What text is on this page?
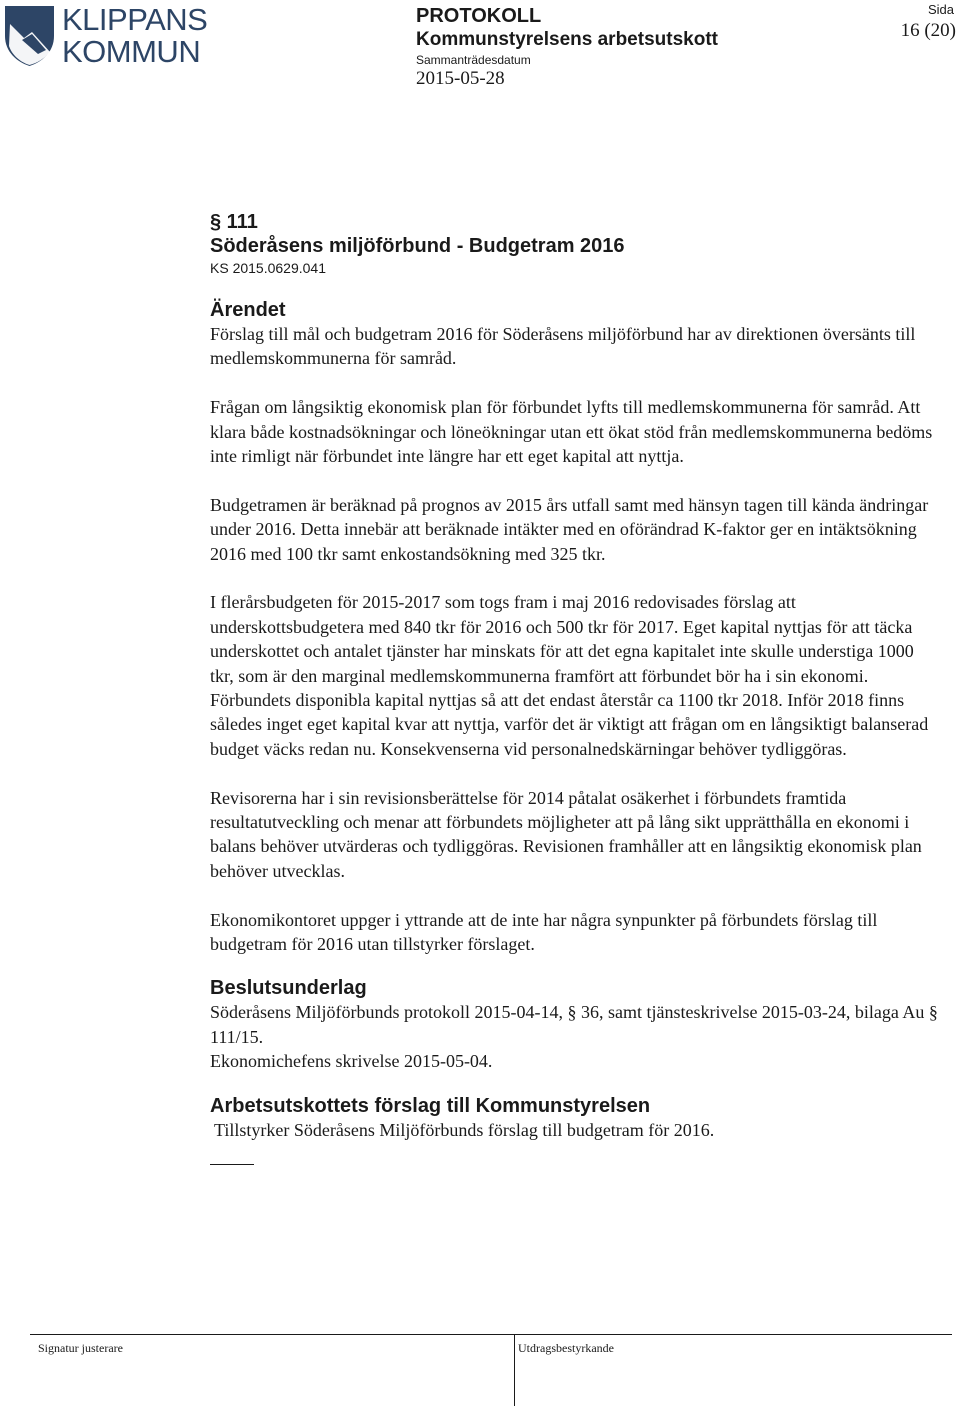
KLIPPANS
KOMMUN
PROTOKOLL
Kommunstyrelsens arbetsutskott
Sammanträdesdatum
2015-05-28
Sida
16 (20)

§ 111

Söderåsens miljöförbund - Budgetram 2016

KS 2015.0629.041

Ärendet

Förslag till mål och budgetram 2016 för Söderåsens miljöförbund har av direktionen översänts till medlemskommunerna för samråd.

Frågan om långsiktig ekonomisk plan för förbundet lyfts till medlemskommunerna för samråd. Att klara både kostnadsökningar och löneökningar utan ett ökat stöd från medlemskommunerna bedöms inte rimligt när förbundet inte längre har ett eget kapital att nyttja.

Budgetramen är beräknad på prognos av 2015 års utfall samt med hänsyn tagen till kända ändringar under 2016. Detta innebär att beräknade intäkter med en oförändrad K-faktor ger en intäktsökning 2016 med 100 tkr samt enkostandsökning med 325 tkr.

I flerårsbudgeten för 2015-2017 som togs fram i maj 2016 redovisades förslag att underskottsbudgetera med 840 tkr för 2016 och 500 tkr för 2017. Eget kapital nyttjas för att täcka underskottet och antalet tjänster har minskats för att det egna kapitalet inte skulle understiga 1000 tkr, som är den marginal medlemskommunerna framfört att förbundet bör ha i sin ekonomi. Förbundets disponibla kapital nyttjas så att det endast återstår ca 1100 tkr 2018. Inför 2018 finns således inget eget kapital kvar att nyttja, varför det är viktigt att frågan om en långsiktigt balanserad budget väcks redan nu. Konsekvenserna vid personalnedskärningar behöver tydliggöras.

Revisorerna har i sin revisionsberättelse för 2014 påtalat osäkerhet i förbundets framtida resultatutveckling och menar att förbundets möjligheter att på lång sikt upprätthålla en ekonomi i balans behöver utvärderas och tydliggöras. Revisionen framhåller att en långsiktig ekonomisk plan behöver utvecklas.

Ekonomikontoret uppger i yttrande att de inte har några synpunkter på förbundets förslag till budgetram för 2016 utan tillstyrker förslaget.

Beslutsunderlag

Söderåsens Miljöförbunds protokoll 2015-04-14, § 36, samt tjänsteskrivelse 2015-03-24, bilaga Au § 111/15.

Ekonomichefens skrivelse 2015-05-04.

Arbetsutskottets förslag till Kommunstyrelsen

Tillstyrker Söderåsens Miljöförbunds förslag till budgetram för 2016.

Signatur justerare	Utdragsbestyrkande
